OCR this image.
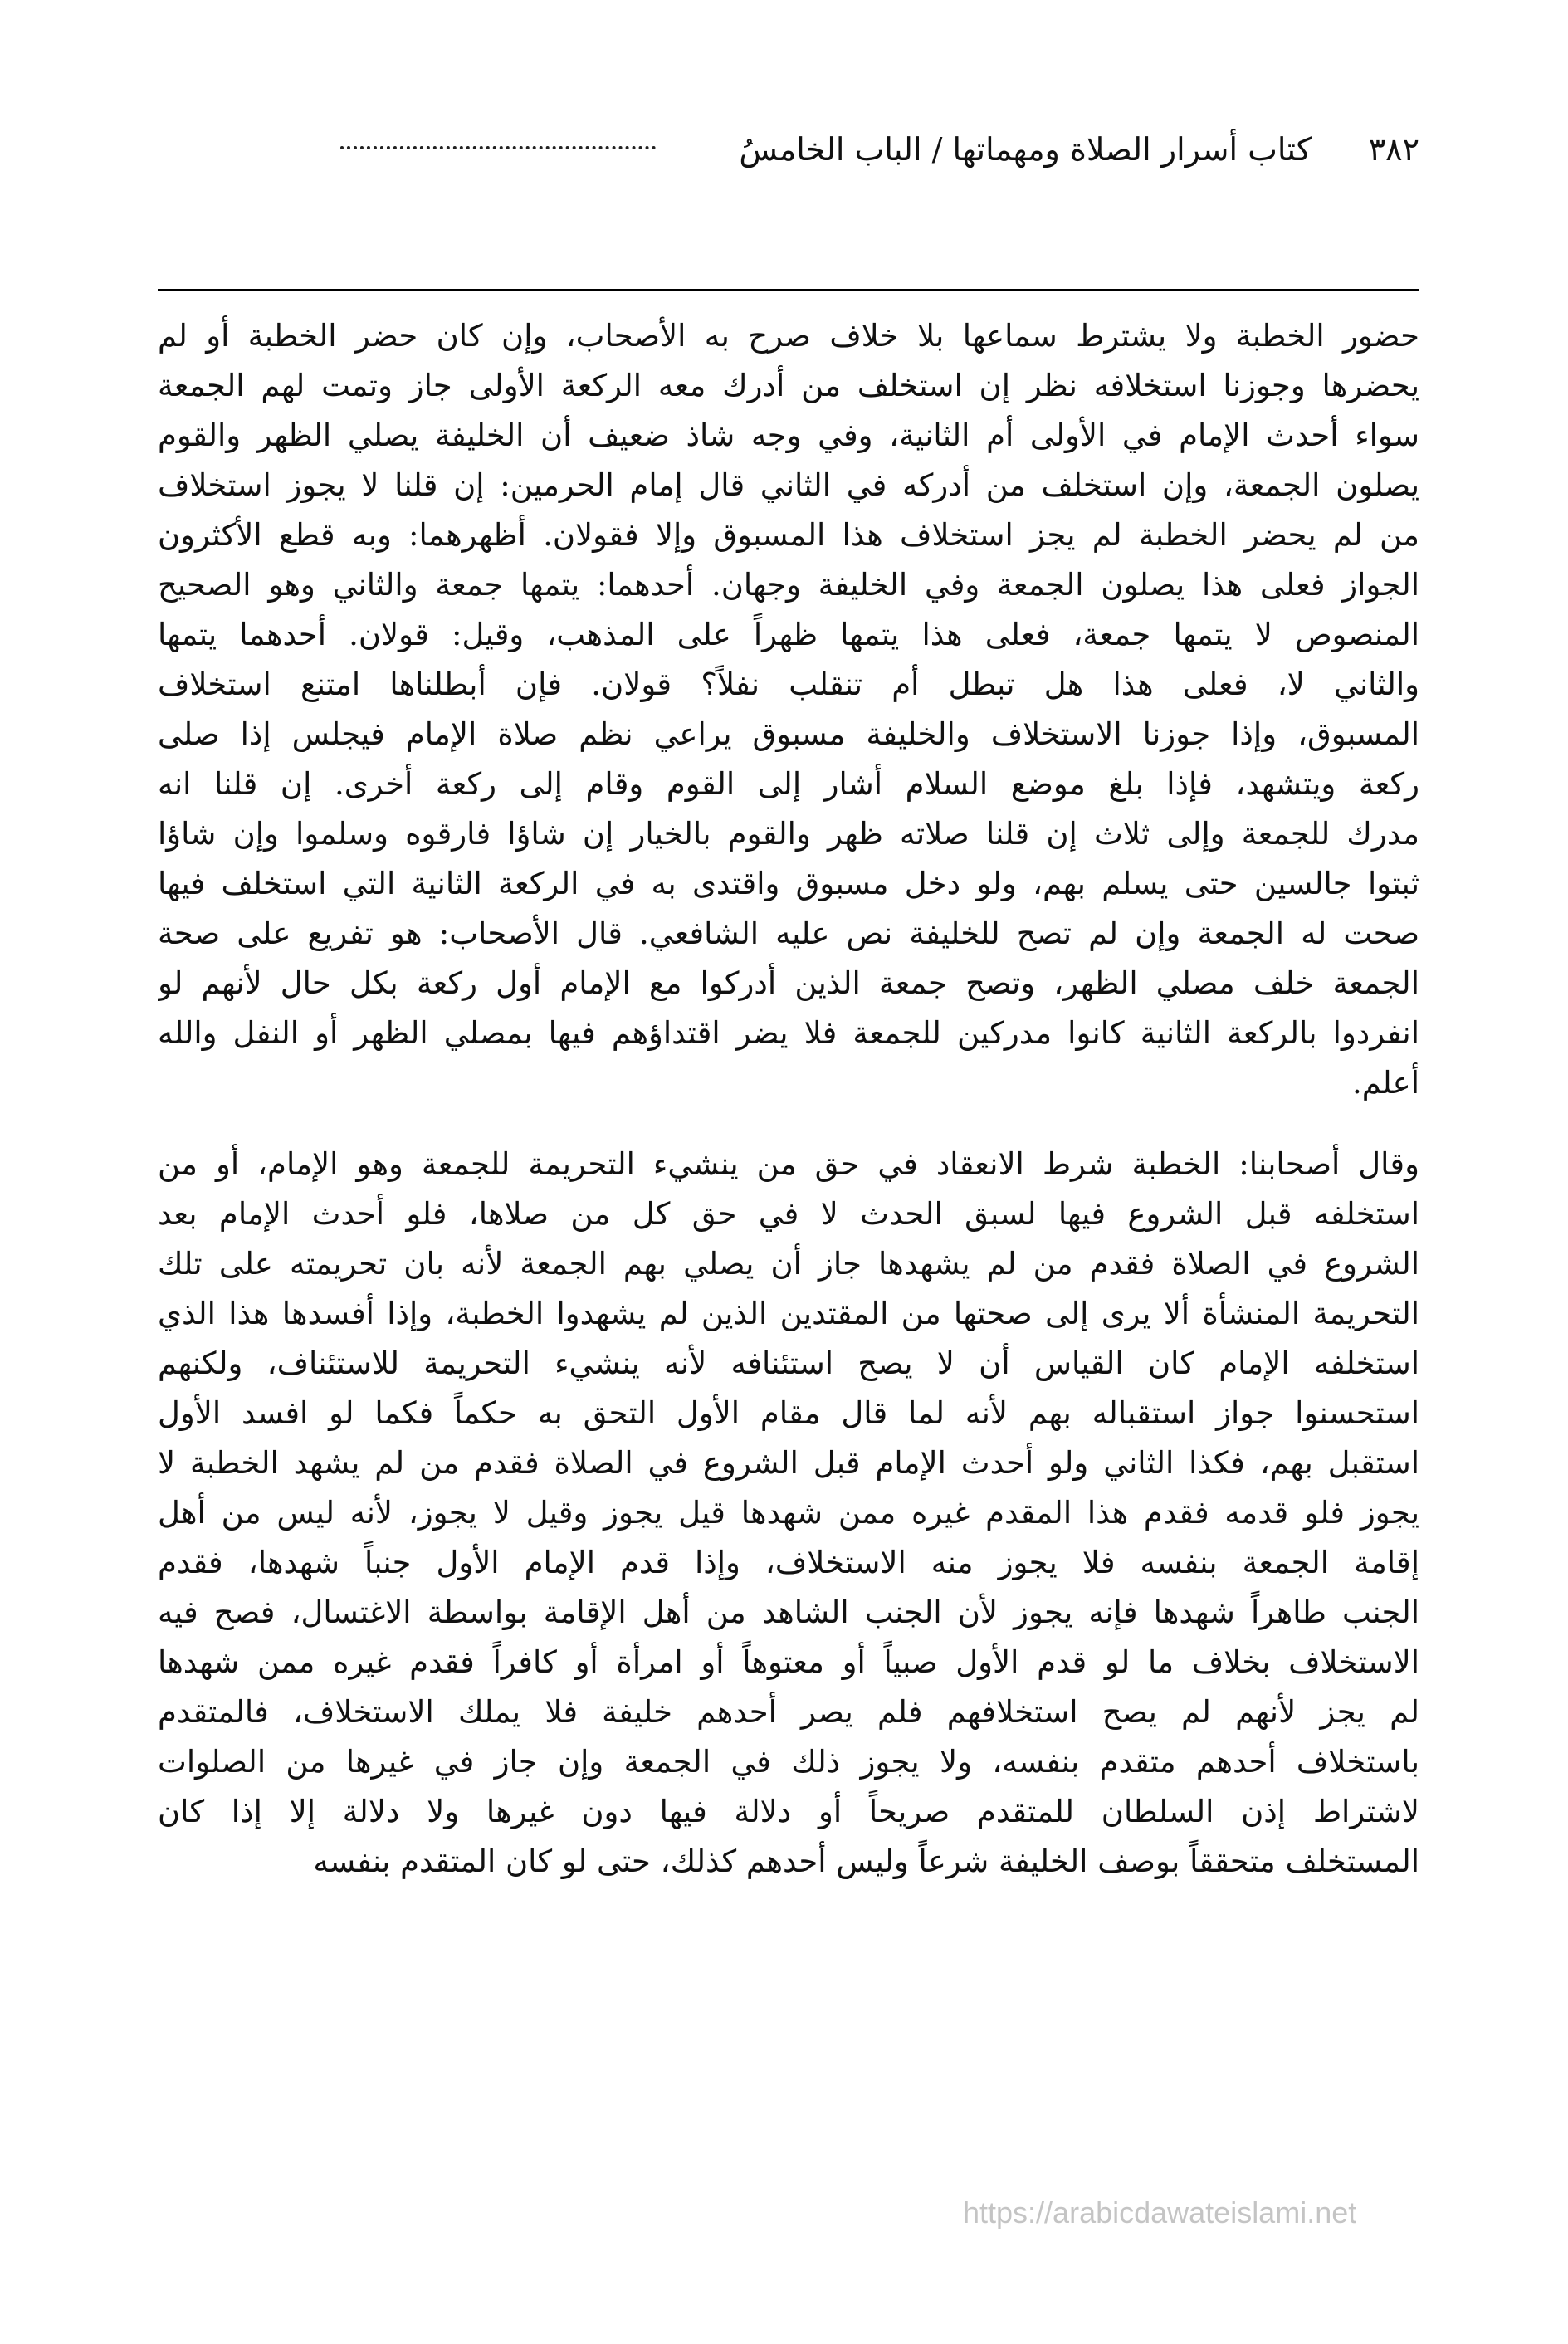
٣٨٢
كتاب أسرار الصلاة ومهماتها / الباب الخامسُ
حضور الخطبة ولا يشترط سماعها بلا خلاف صرح به الأصحاب، وإن كان حضر الخطبة أو لم
يحضرها وجوزنا استخلافه نظر إن استخلف من أدرك معه الركعة الأولى جاز وتمت لهم الجمعة
سواء أحدث الإمام في الأولى أم الثانية، وفي وجه شاذ ضعيف أن الخليفة يصلي الظهر والقوم
يصلون الجمعة، وإن استخلف من أدركه في الثاني قال إمام الحرمين: إن قلنا لا يجوز استخلاف
من لم يحضر الخطبة لم يجز استخلاف هذا المسبوق وإلا فقولان. أظهرهما: وبه قطع الأكثرون
الجواز فعلى هذا يصلون الجمعة وفي الخليفة وجهان. أحدهما: يتمها جمعة والثاني وهو الصحيح
المنصوص لا يتمها جمعة، فعلى هذا يتمها ظهراً على المذهب، وقيل: قولان. أحدهما يتمها
والثاني لا، فعلى هذا هل تبطل أم تنقلب نفلاً؟ قولان. فإن أبطلناها امتنع استخلاف
المسبوق، وإذا جوزنا الاستخلاف والخليفة مسبوق يراعي نظم صلاة الإمام فيجلس إذا صلى
ركعة ويتشهد، فإذا بلغ موضع السلام أشار إلى القوم وقام إلى ركعة أخرى. إن قلنا انه
مدرك للجمعة وإلى ثلاث إن قلنا صلاته ظهر والقوم بالخيار إن شاؤا فارقوه وسلموا وإن شاؤا
ثبتوا جالسين حتى يسلم بهم، ولو دخل مسبوق واقتدى به في الركعة الثانية التي استخلف فيها
صحت له الجمعة وإن لم تصح للخليفة نص عليه الشافعي. قال الأصحاب: هو تفريع على صحة
الجمعة خلف مصلي الظهر، وتصح جمعة الذين أدركوا مع الإمام أول ركعة بكل حال لأنهم لو
انفردوا بالركعة الثانية كانوا مدركين للجمعة فلا يضر اقتداؤهم فيها بمصلي الظهر أو النفل والله
أعلم.
وقال أصحابنا: الخطبة شرط الانعقاد في حق من ينشيء التحريمة للجمعة وهو الإمام، أو من
استخلفه قبل الشروع فيها لسبق الحدث لا في حق كل من صلاها، فلو أحدث الإمام بعد
الشروع في الصلاة فقدم من لم يشهدها جاز أن يصلي بهم الجمعة لأنه بان تحريمته على تلك
التحريمة المنشأة ألا يرى إلى صحتها من المقتدين الذين لم يشهدوا الخطبة، وإذا أفسدها هذا الذي
استخلفه الإمام كان القياس أن لا يصح استئنافه لأنه ينشيء التحريمة للاستئناف، ولكنهم
استحسنوا جواز استقباله بهم لأنه لما قال مقام الأول التحق به حكماً فكما لو افسد الأول
استقبل بهم، فكذا الثاني ولو أحدث الإمام قبل الشروع في الصلاة فقدم من لم يشهد الخطبة لا
يجوز فلو قدمه فقدم هذا المقدم غيره ممن شهدها قيل يجوز وقيل لا يجوز، لأنه ليس من أهل
إقامة الجمعة بنفسه فلا يجوز منه الاستخلاف، وإذا قدم الإمام الأول جنباً شهدها، فقدم
الجنب طاهراً شهدها فإنه يجوز لأن الجنب الشاهد من أهل الإقامة بواسطة الاغتسال، فصح فيه
الاستخلاف بخلاف ما لو قدم الأول صبياً أو معتوهاً أو امرأة أو كافراً فقدم غيره ممن شهدها
لم يجز لأنهم لم يصح استخلافهم فلم يصر أحدهم خليفة فلا يملك الاستخلاف، فالمتقدم
باستخلاف أحدهم متقدم بنفسه، ولا يجوز ذلك في الجمعة وإن جاز في غيرها من الصلوات
لاشتراط إذن السلطان للمتقدم صريحاً أو دلالة فيها دون غيرها ولا دلالة إلا إذا كان
المستخلف متحققاً بوصف الخليفة شرعاً وليس أحدهم كذلك، حتى لو كان المتقدم بنفسه
https://arabicdawateislami.net
